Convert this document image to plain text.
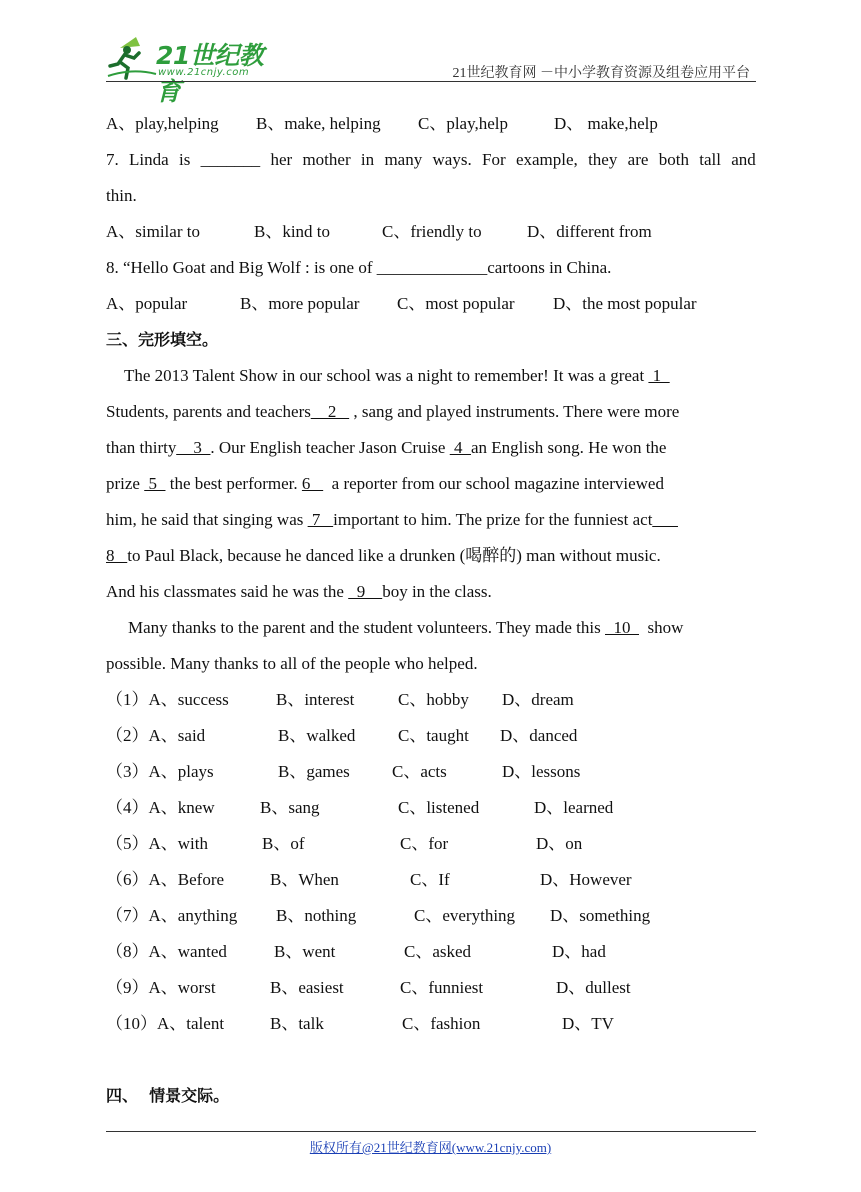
21世纪教育
www.21cnjy.com	21世纪教育网 －中小学教育资源及组卷应用平台

A、play,helping

B、make, helping

C、play,help

	D、 make,help

7. Linda is _______ her mother in many ways. For example, they are both tall and
thin.

A、similar to

	B、kind to

	C、friendly to

	D、different from

8. “Hello Goat and Big Wolf : is one of _____________cartoons in China.

A、popular

	B、more popular

C、most popular

D、the most popular

三、完形填空。
The 2013 Talent Show in our school was a night to remember! It was a great  1
Students, parents and teachers__2_  , sang and played instruments. There were more
than thirty__3_. Our English teacher Jason Cruise  4  an English song. He won the
prize  5   the best performer. 6     a reporter from our school magazine interviewed
him, he said that singing was  7   important to him. The prize for the funniest act___
8   to Paul Black, because he danced like a drunken (喝醉的) man without music.
And his classmates said he was the   9    boy in the class.
Many thanks to the parent and the student volunteers. They made this   10    show
possible. Many thanks to all of the people who helped.
（1）A、success	B、interest	C、hobby D、dream
（2）A、said	B、walked	C、taught D、danced
（3）A、plays	B、games C、acts	D、lessons
（4）A、knew	B、sang	C、listened	D、learned
（5）A、with	B、of	C、for	D、on
（6）A、Before	B、When	C、If	D、However
（7）A、anything B、nothing	C、everything D、something
（8）A、wanted	B、went	C、asked	D、had
（9）A、worst	B、easiest	C、funniest	D、dullest
（10）A、talent	B、talk	C、fashion	D、TV
四、  情景交际。
版权所有@21世纪教育网(www.21cnjy.com)
